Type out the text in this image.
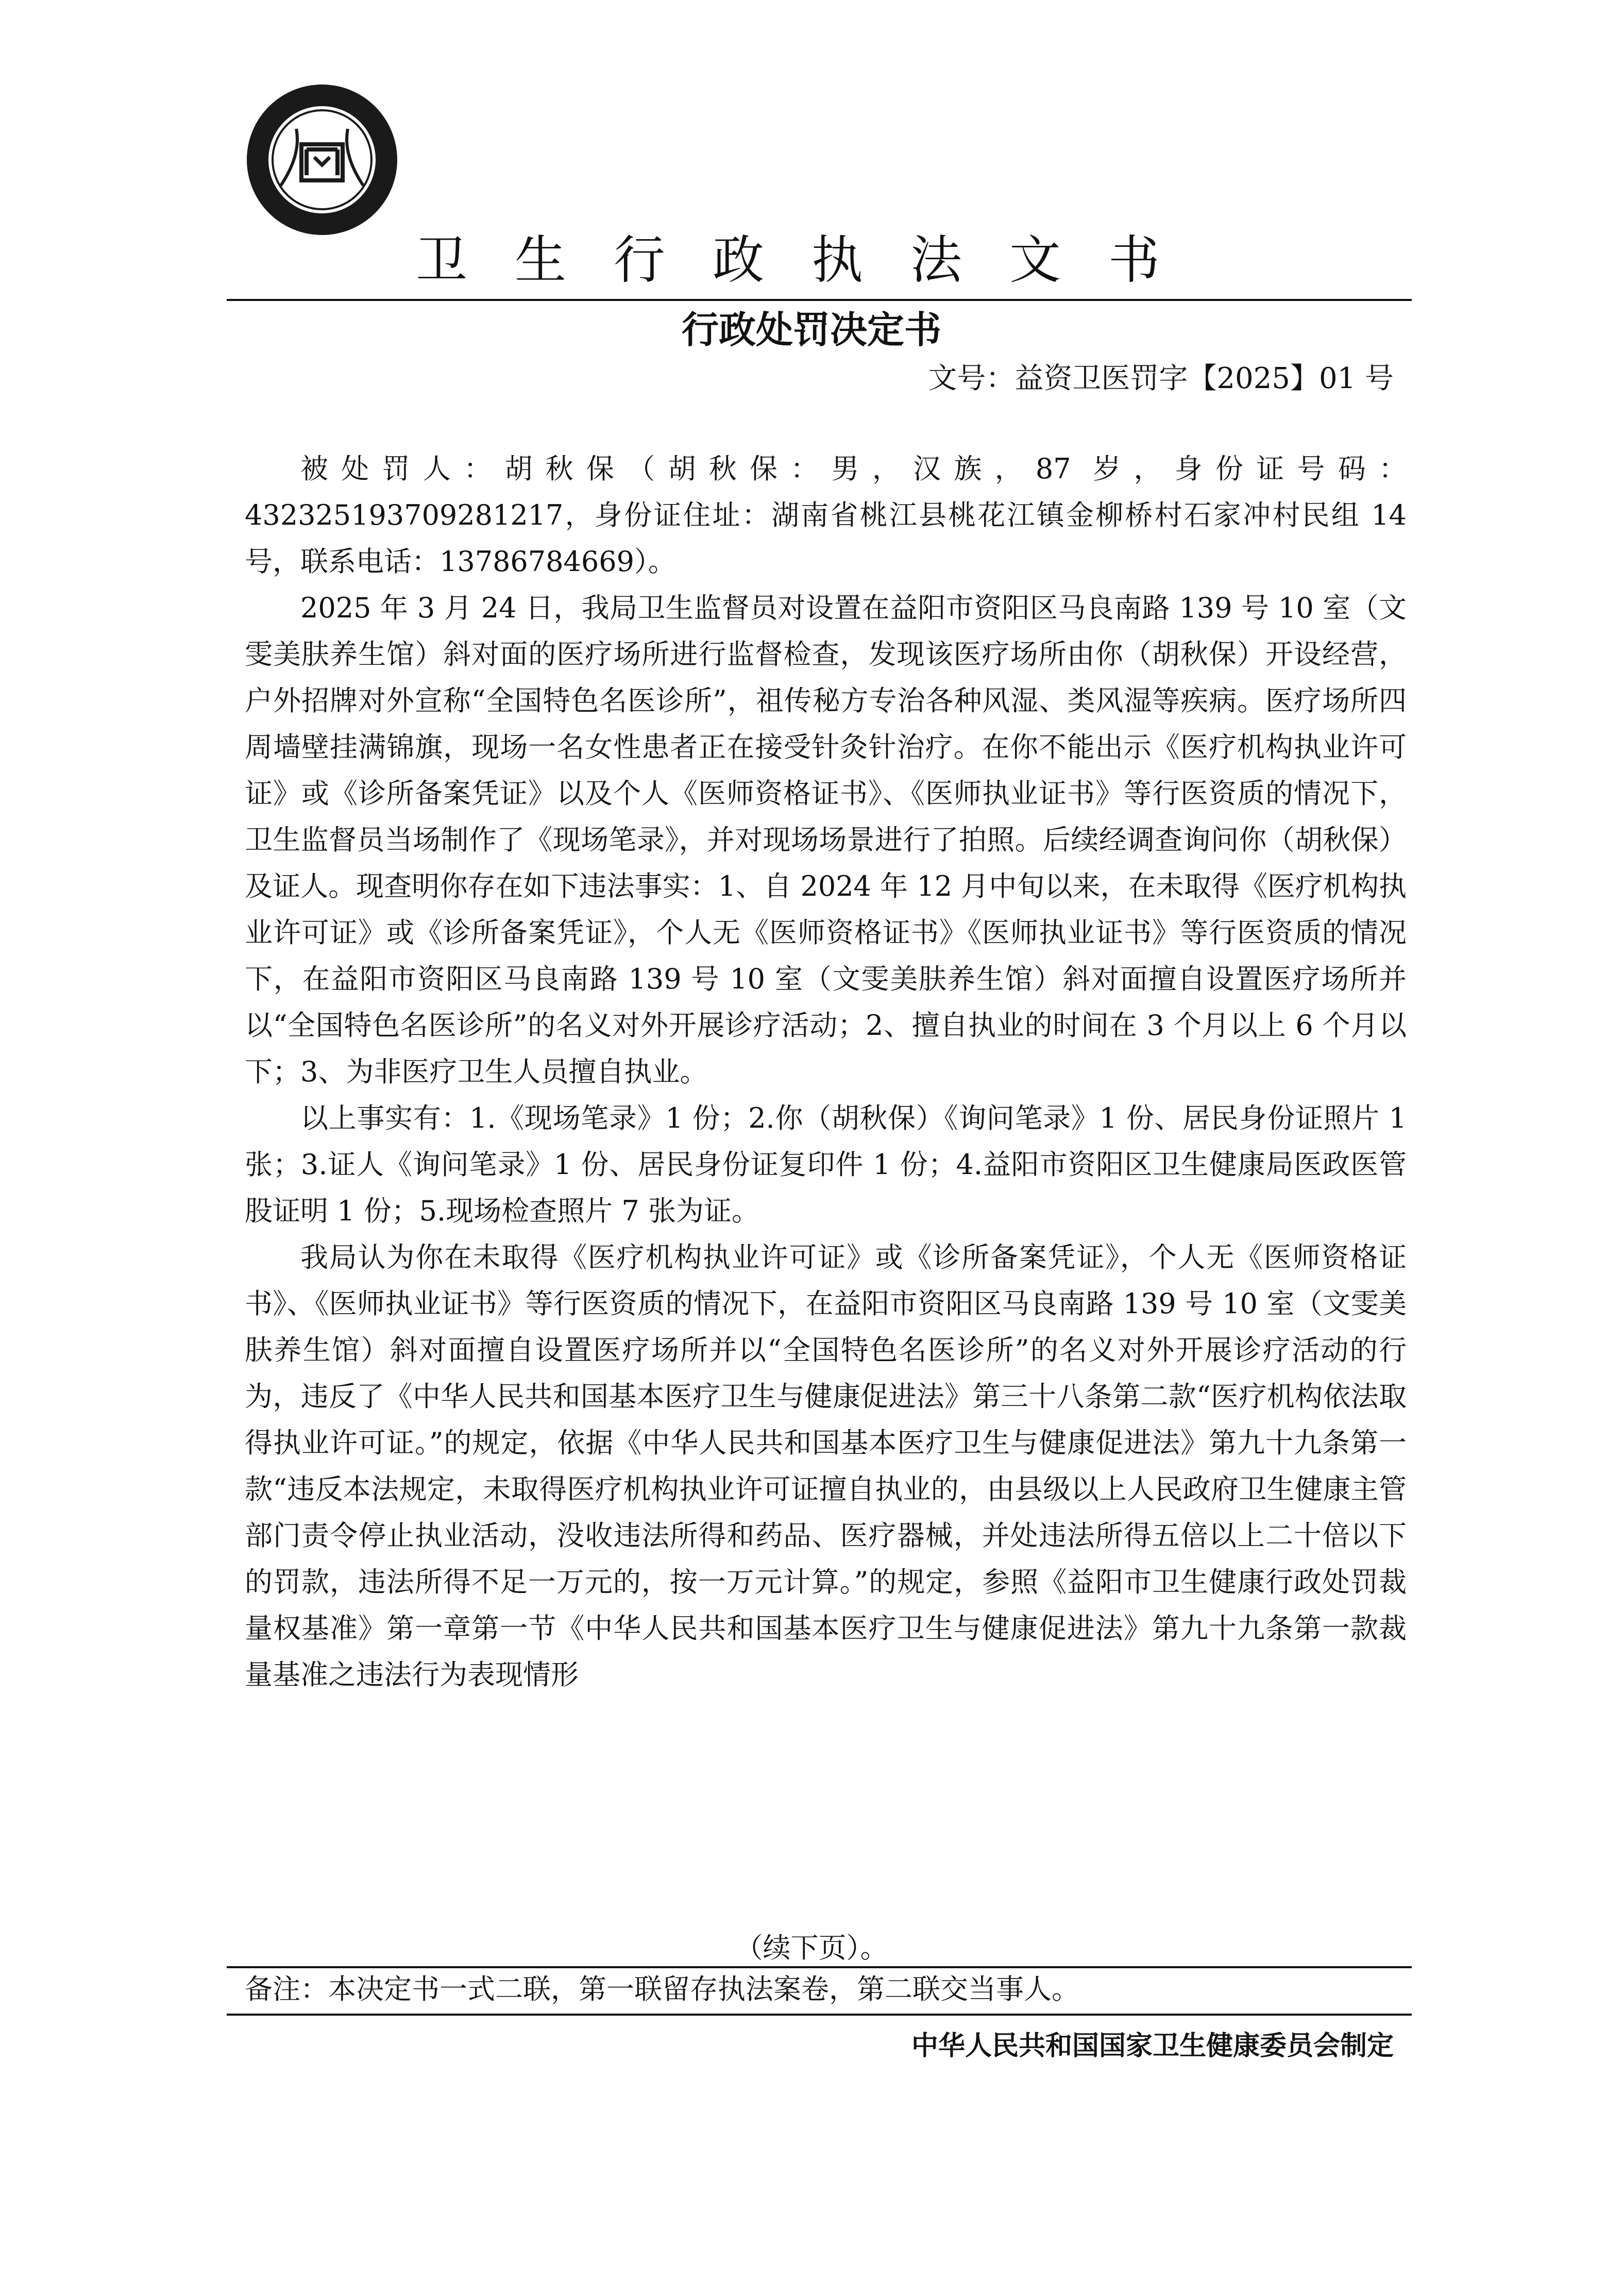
卫生行政执法文书
行政处罚决定书
文号：益资卫医罚字【2025】01 号

被处罚人：胡秋保（胡秋保：男，汉族，87 岁，身份证号码：432325193709281217，身份证住址：湖南省桃江县桃花江镇金柳桥村石家冲村民组 14 号，联系电话：13786784669）。

2025 年 3 月 24 日，我局卫生监督员对设置在益阳市资阳区马良南路 139 号 10 室（文雯美肤养生馆）斜对面的医疗场所进行监督检查，发现该医疗场所由你（胡秋保）开设经营，户外招牌对外宣称“全国特色名医诊所”，祖传秘方专治各种风湿、类风湿等疾病。医疗场所四周墙壁挂满锦旗，现场一名女性患者正在接受针灸针治疗。在你不能出示《医疗机构执业许可证》或《诊所备案凭证》以及个人《医师资格证书》、《医师执业证书》等行医资质的情况下，卫生监督员当场制作了《现场笔录》，并对现场场景进行了拍照。后续经调查询问你（胡秋保）及证人。现查明你存在如下违法事实：1、自 2024 年 12 月中旬以来，在未取得《医疗机构执业许可证》或《诊所备案凭证》，个人无《医师资格证书》《医师执业证书》等行医资质的情况下，在益阳市资阳区马良南路 139 号 10 室（文雯美肤养生馆）斜对面擅自设置医疗场所并以“全国特色名医诊所”的名义对外开展诊疗活动；2、擅自执业的时间在 3 个月以上 6 个月以下；3、为非医疗卫生人员擅自执业。

以上事实有：1.《现场笔录》1 份；2.你（胡秋保）《询问笔录》1 份、居民身份证照片 1 张；3.证人《询问笔录》1 份、居民身份证复印件 1 份；4.益阳市资阳区卫生健康局医政医管股证明 1 份；5.现场检查照片 7 张为证。

我局认为你在未取得《医疗机构执业许可证》或《诊所备案凭证》，个人无《医师资格证书》、《医师执业证书》等行医资质的情况下，在益阳市资阳区马良南路 139 号 10 室（文雯美肤养生馆）斜对面擅自设置医疗场所并以“全国特色名医诊所”的名义对外开展诊疗活动的行为，违反了《中华人民共和国基本医疗卫生与健康促进法》第三十八条第二款“医疗机构依法取得执业许可证。”的规定，依据《中华人民共和国基本医疗卫生与健康促进法》第九十九条第一款“违反本法规定，未取得医疗机构执业许可证擅自执业的，由县级以上人民政府卫生健康主管部门责令停止执业活动，没收违法所得和药品、医疗器械，并处违法所得五倍以上二十倍以下的罚款，违法所得不足一万元的，按一万元计算。”的规定，参照《益阳市卫生健康行政处罚裁量权基准》第一章第一节《中华人民共和国基本医疗卫生与健康促进法》第九十九条第一款裁量基准之违法行为表现情形

（续下页）。
备注：本决定书一式二联，第一联留存执法案卷，第二联交当事人。
中华人民共和国国家卫生健康委员会制定
